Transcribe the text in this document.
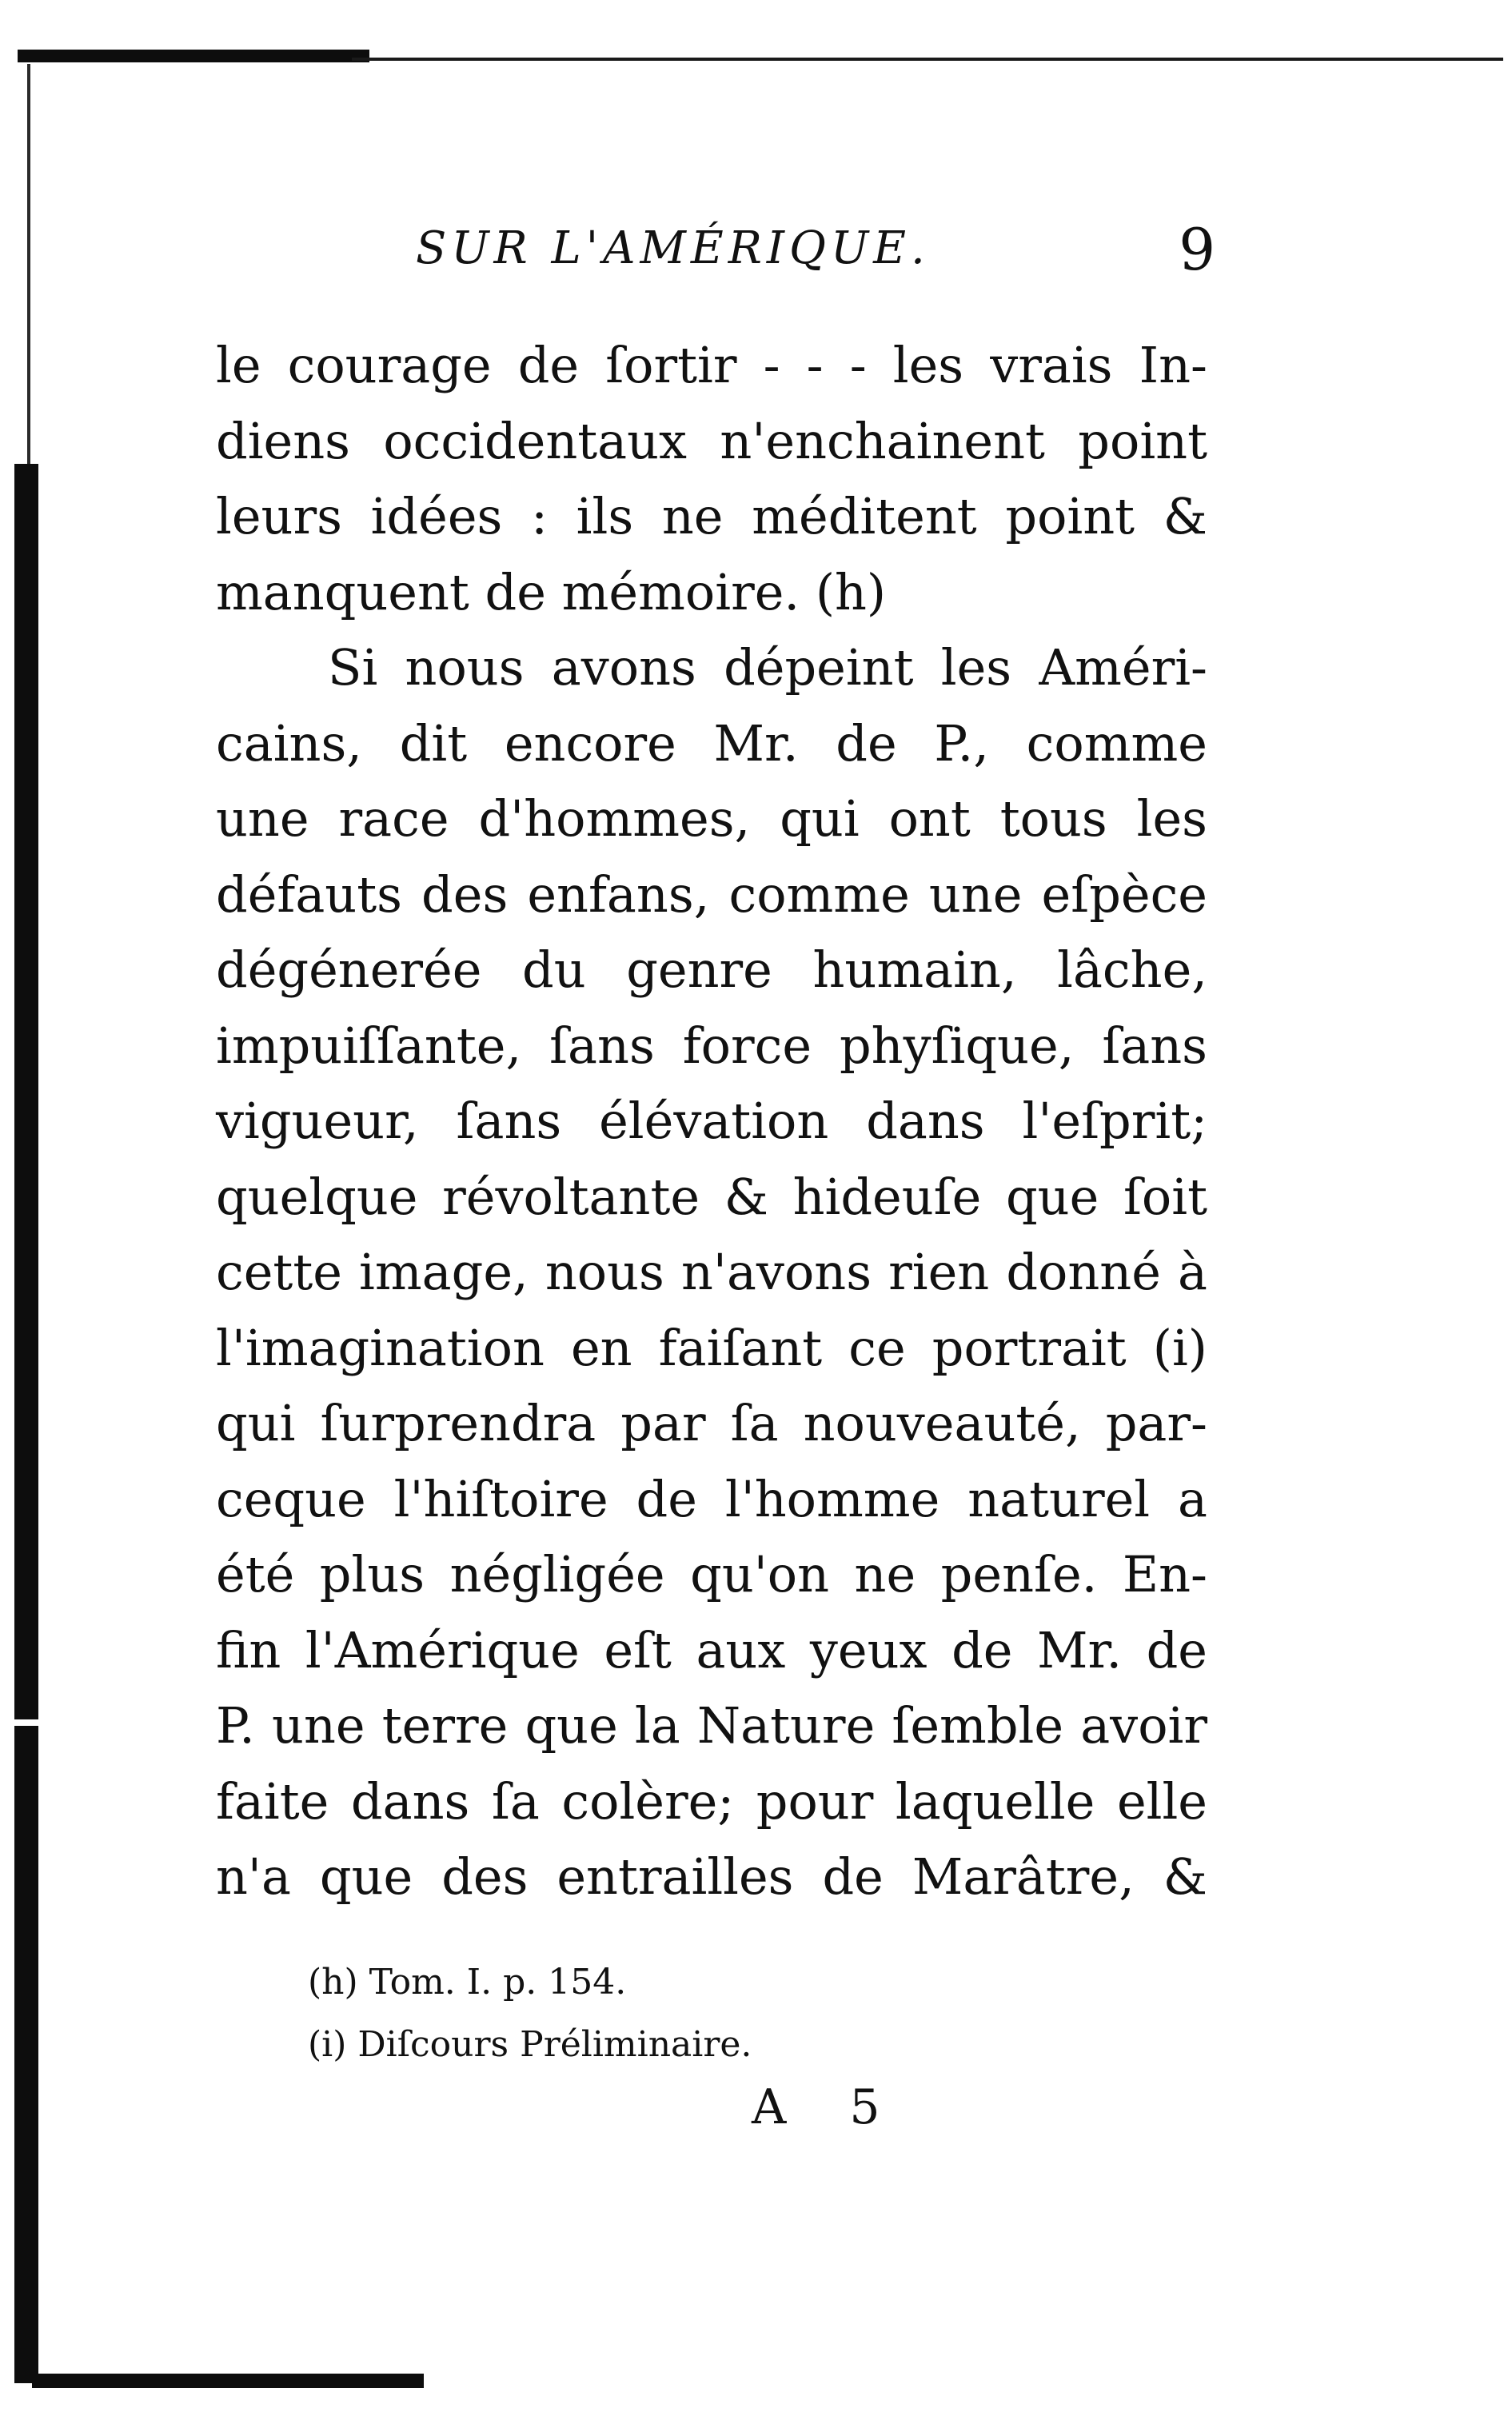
SUR L'AMÉRIQUE.	9
le courage de ſortir - - - les vrais In-
diens occidentaux n'enchainent point
leurs idées : ils ne méditent point &
manquent de mémoire. (h)
Si nous avons dépeint les Améri-
cains, dit encore Mr. de P., comme
une race d'hommes, qui ont tous les
défauts des enfans, comme une eſpèce
dégénerée du genre humain, lâche,
impuiſſante, ſans force phyſique, ſans
vigueur, ſans élévation dans l'eſprit;
quelque révoltante & hideuſe que ſoit
cette image, nous n'avons rien donné à
l'imagination en faiſant ce portrait (i)
qui ſurprendra par ſa nouveauté, par-
ceque l'hiſtoire de l'homme naturel a
été plus négligée qu'on ne penſe. En-
fin l'Amérique eſt aux yeux de Mr. de
P. une terre que la Nature ſemble avoir
faite dans ſa colère; pour laquelle elle
n'a que des entrailles de Marâtre, &
(h) Tom. I. p. 154.
(i) Diſcours Préliminaire.
A 5
